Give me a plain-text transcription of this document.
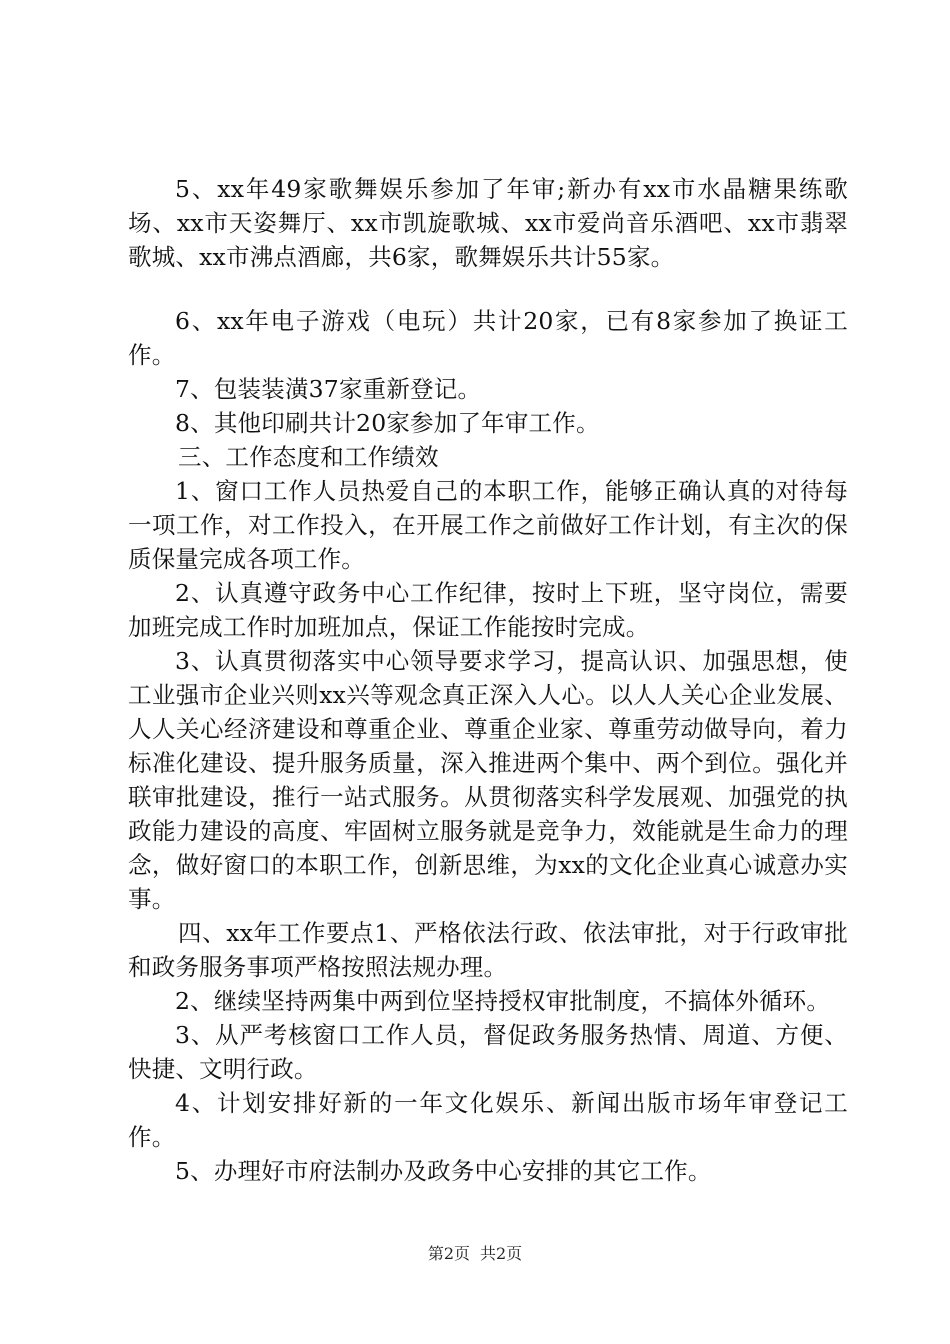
5、xx年49家歌舞娱乐参加了年审;新办有xx市水晶糖果练歌场、xx市天姿舞厅、xx市凯旋歌城、xx市爱尚音乐酒吧、xx市翡翠歌城、xx市沸点酒廊，共6家，歌舞娱乐共计55家。

6、xx年电子游戏（电玩）共计20家，已有8家参加了换证工作。

7、包装装潢37家重新登记。

8、其他印刷共计20家参加了年审工作。

三、工作态度和工作绩效

1、窗口工作人员热爱自己的本职工作，能够正确认真的对待每一项工作，对工作投入，在开展工作之前做好工作计划，有主次的保质保量完成各项工作。

2、认真遵守政务中心工作纪律，按时上下班，坚守岗位，需要加班完成工作时加班加点，保证工作能按时完成。

3、认真贯彻落实中心领导要求学习，提高认识、加强思想，使工业强市企业兴则xx兴等观念真正深入人心。以人人关心企业发展、人人关心经济建设和尊重企业、尊重企业家、尊重劳动做导向，着力标准化建设、提升服务质量，深入推进两个集中、两个到位。强化并联审批建设，推行一站式服务。从贯彻落实科学发展观、加强党的执政能力建设的高度、牢固树立服务就是竞争力，效能就是生命力的理念，做好窗口的本职工作，创新思维，为xx的文化企业真心诚意办实事。

四、xx年工作要点1、严格依法行政、依法审批，对于行政审批和政务服务事项严格按照法规办理。

2、继续坚持两集中两到位坚持授权审批制度，不搞体外循环。

3、从严考核窗口工作人员，督促政务服务热情、周道、方便、快捷、文明行政。

4、计划安排好新的一年文化娱乐、新闻出版市场年审登记工作。

5、办理好市府法制办及政务中心安排的其它工作。

第2页 共2页
